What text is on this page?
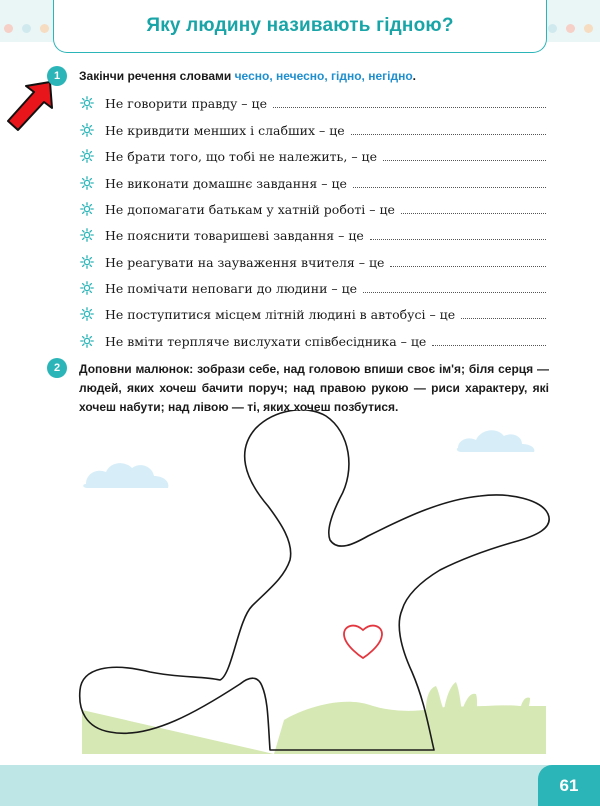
Яку людину називають гідною?
1	Закінчи речення словами чесно, нечесно, гідно, негідно.
Не говорити правду – це
Не кривдити менших і слабших – це
Не брати того, що тобі не належить, – це
Не виконати домашнє завдання – це
Не допомагати батькам у хатній роботі – це
Не пояснити товаришеві завдання – це
Не реагувати на зауваження вчителя – це
Не помічати неповаги до людини – це
Не поступитися місцем літній людині в автобусі – це
Не вміти терпляче вислухати співбесідника – це
2	Доповни малюнок: зобрази себе, над головою впиши своє ім'я; біля серця — людей, яких хочеш бачити поруч; над правою рукою — риси характеру, які хочеш набути; над лівою — ті, яких хочеш позбутися.
61
